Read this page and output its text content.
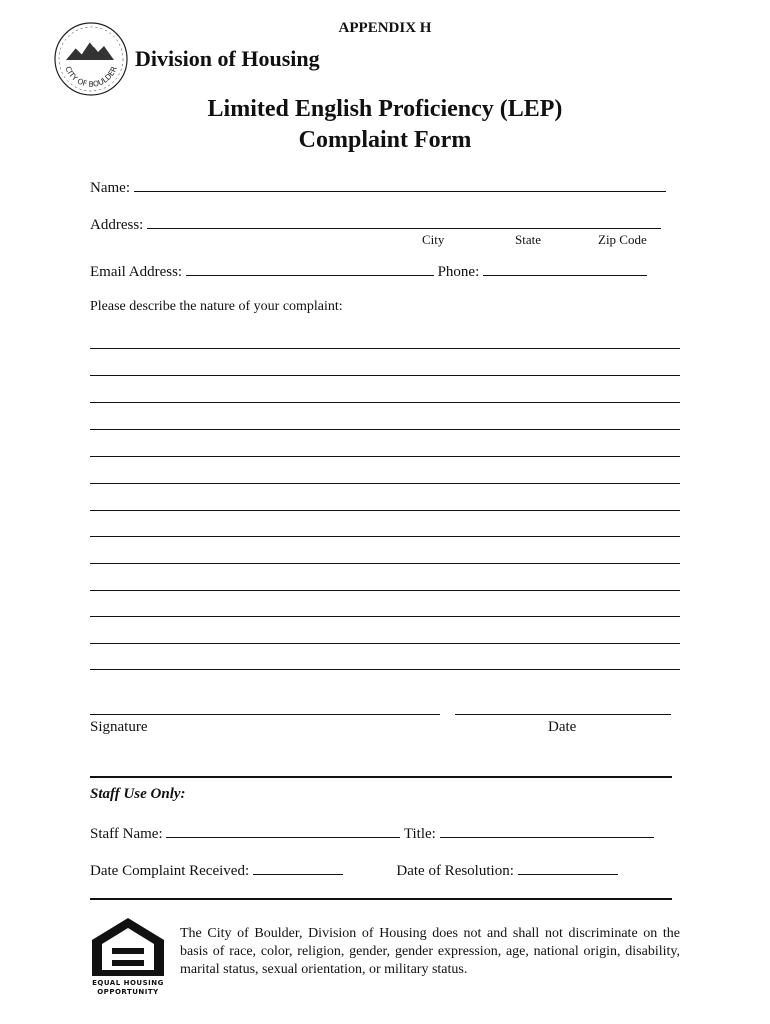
APPENDIX H
CITY OF BOULDER Division of Housing
Limited English Proficiency (LEP)
Complaint Form
Name:
Address:
City	State	Zip Code
Email Address:	Phone:
Please describe the nature of your complaint:
Signature	Date
Staff Use Only:
Staff Name:	Title:
Date Complaint Received:	Date of Resolution:
EQUAL HOUSING
OPPORTUNITY
The City of Boulder, Division of Housing does not and shall not discriminate on the basis of race, color, religion, gender, gender expression, age, national origin, disability, marital status, sexual orientation, or military status.
